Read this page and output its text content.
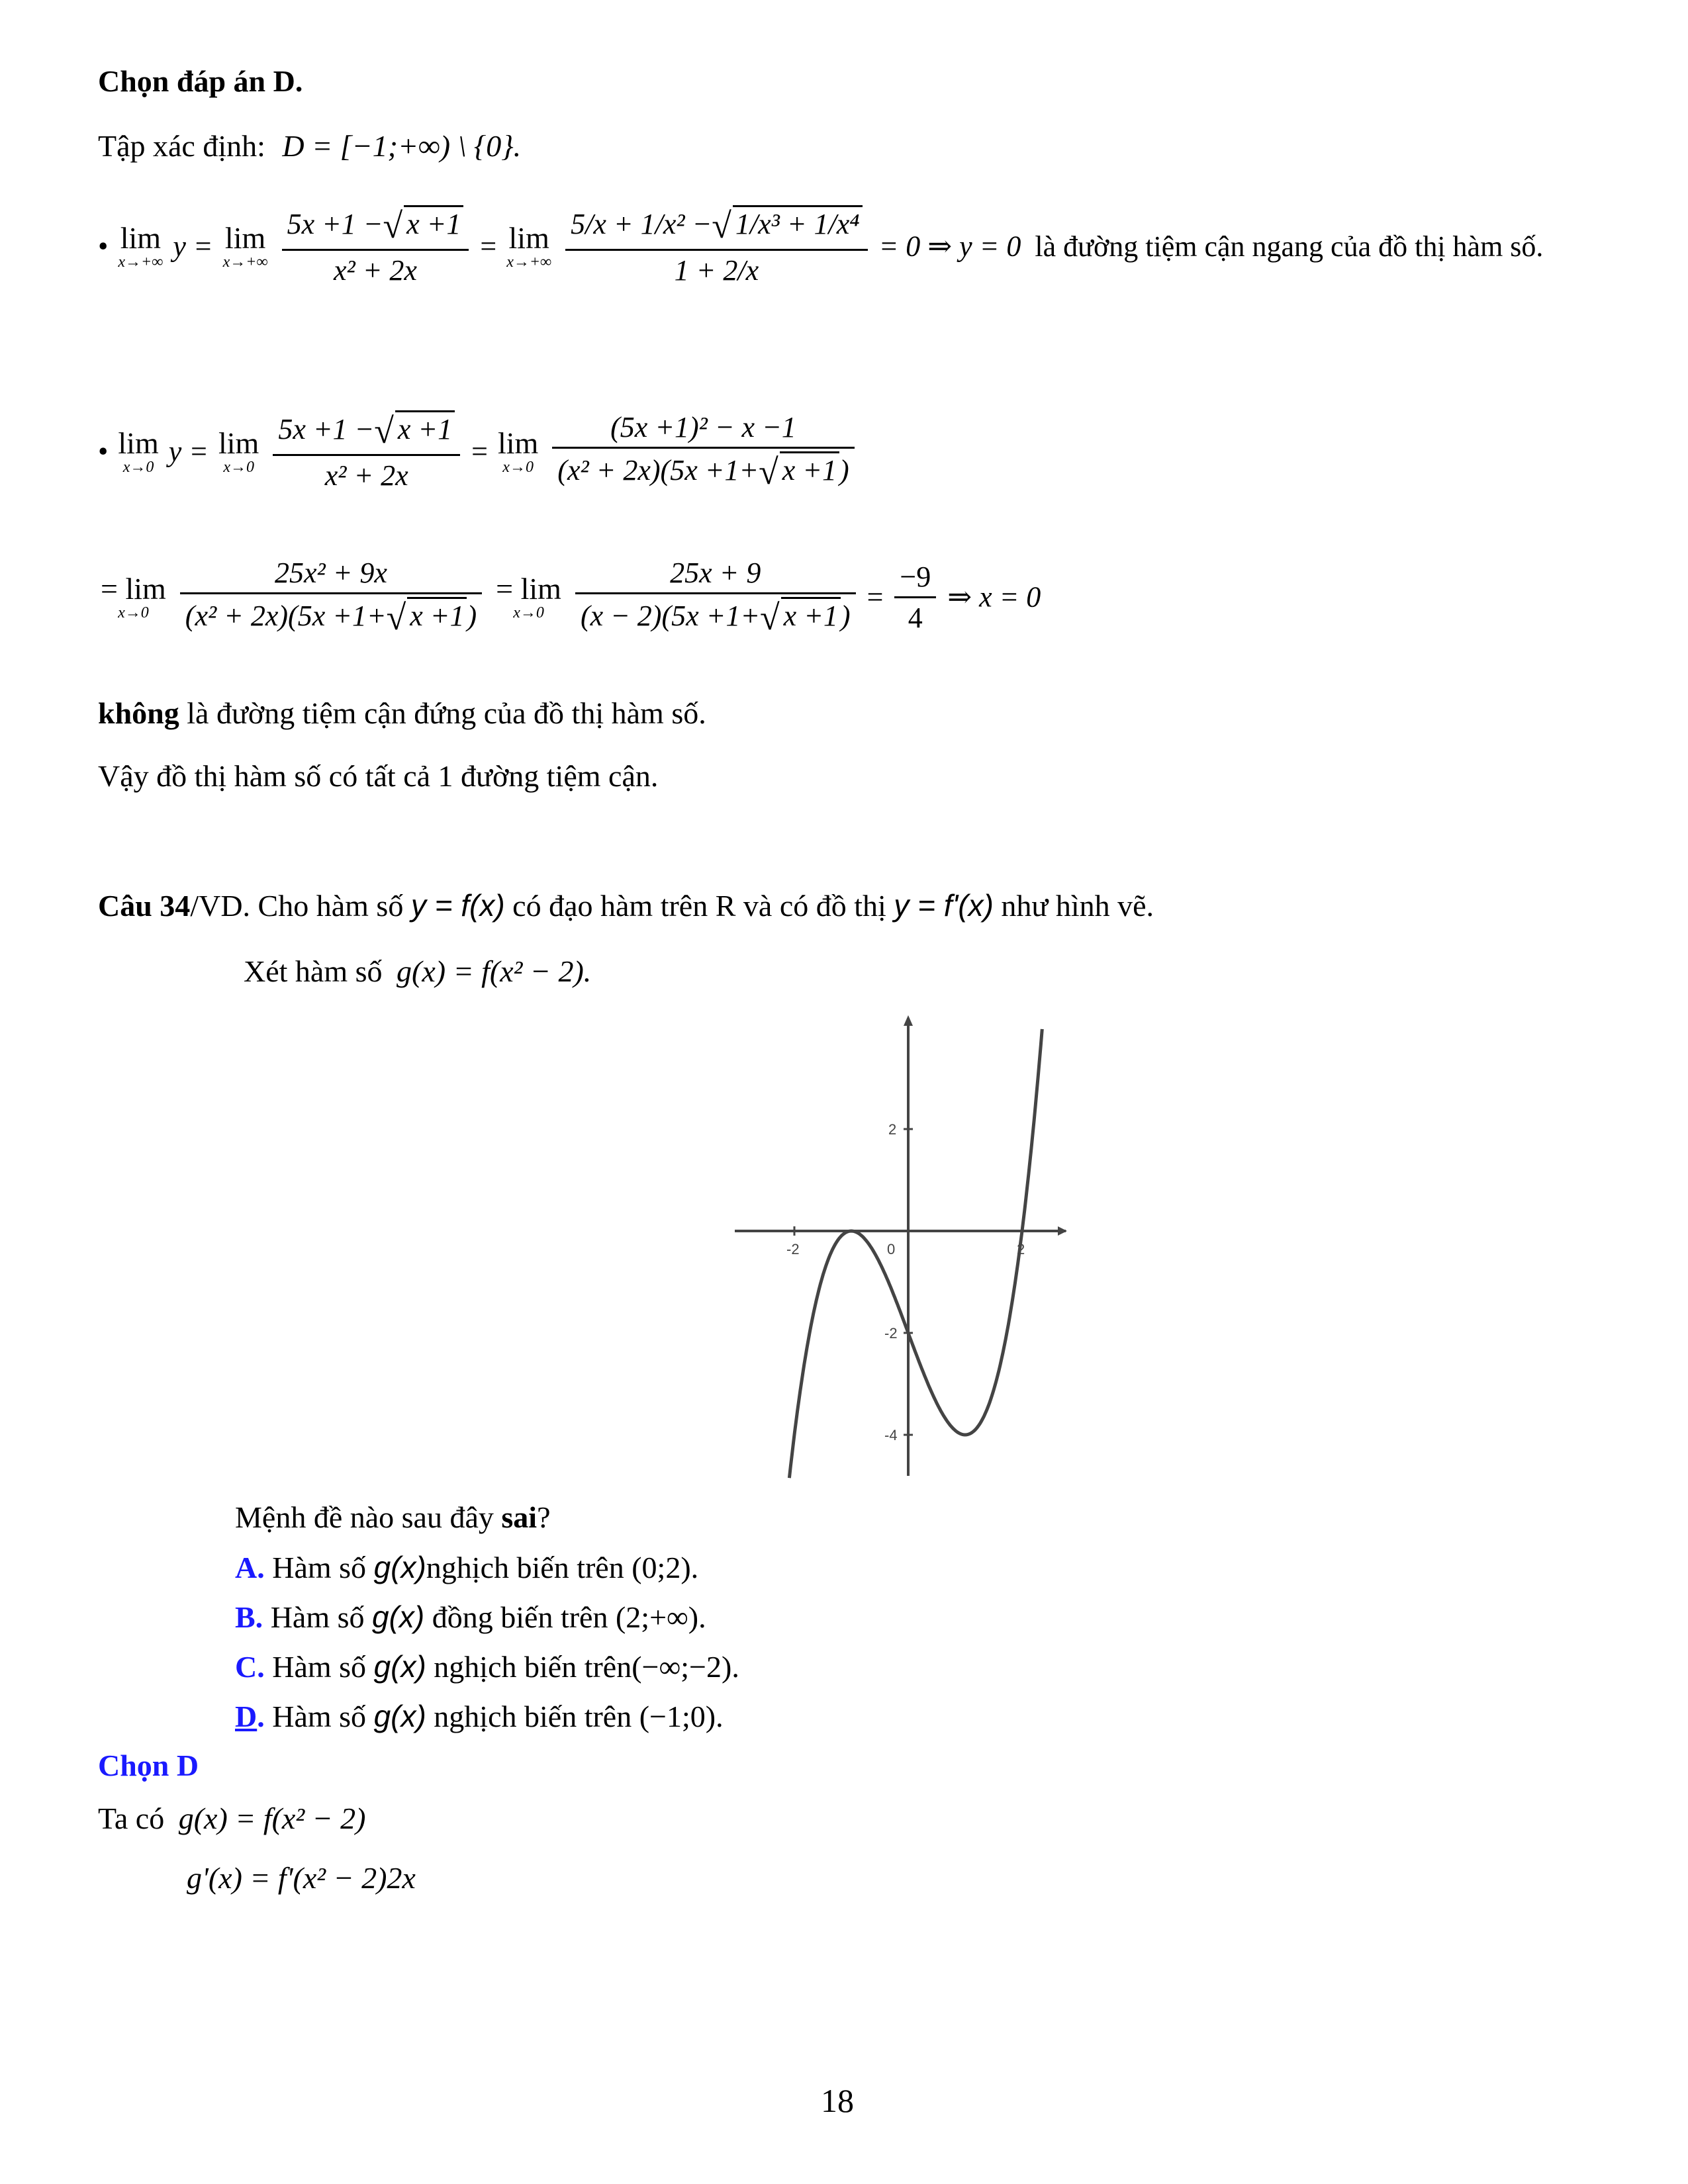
Chọn đáp án D.
Tập xác định: D = [−1;+∞) \ {0}.
• lim
x→+∞ y = lim
x→+∞
$\frac{5x +1 -√ x +1}{\text{x² + 2x}} = \lim$
x→+∞
$\frac{\text{5/x + 1/x² −√ 1/x³ + 1/x⁴}}{1 + 2/x} = 0$ ⇒ y = 0 là đường tiệm cận ngang của đồ thị hàm số.
• lim
x→0 y = lim
x→0
$\frac{5x +1 -√ x +1}{\text{x² + 2x}} = \lim$
x→0
$\frac{\text{(5x +1)² − x −1}}{\text{(x² + 2x)(5x +1+√ x +1)}}$
= lim
x→0
	$\frac{\text{25x² + 9x}}{\text{(x² + 2x)(5x +1+√ x +1)}}$
= lim
x→0
	$\frac{25x + 9}{(x - 2)(5x +1+√ x +1)} = \frac{-9}{4}$ ⇒ x = 0
không là đường tiệm cận đứng của đồ thị hàm số.
Vậy đồ thị hàm số có tất cả 1 đường tiệm cận.
Câu 34/VD. Cho hàm số y = f(x) có đạo hàm trên R và có đồ thị y = f'(x) như hình vẽ.
Xét hàm số g(x) = f(x² − 2).
-2	0	2
2
-2
-4
Mệnh đề nào sau đây sai?
A. Hàm số g(x)nghịch biến trên (0;2).
B. Hàm số g(x) đồng biến trên (2;+∞).
C. Hàm số g(x) nghịch biến trên(−∞;−2).
D. Hàm số g(x) nghịch biến trên (−1;0).
Chọn D
Ta có g(x) = f(x² − 2)
g'(x) = f'(x² − 2)2x
18
